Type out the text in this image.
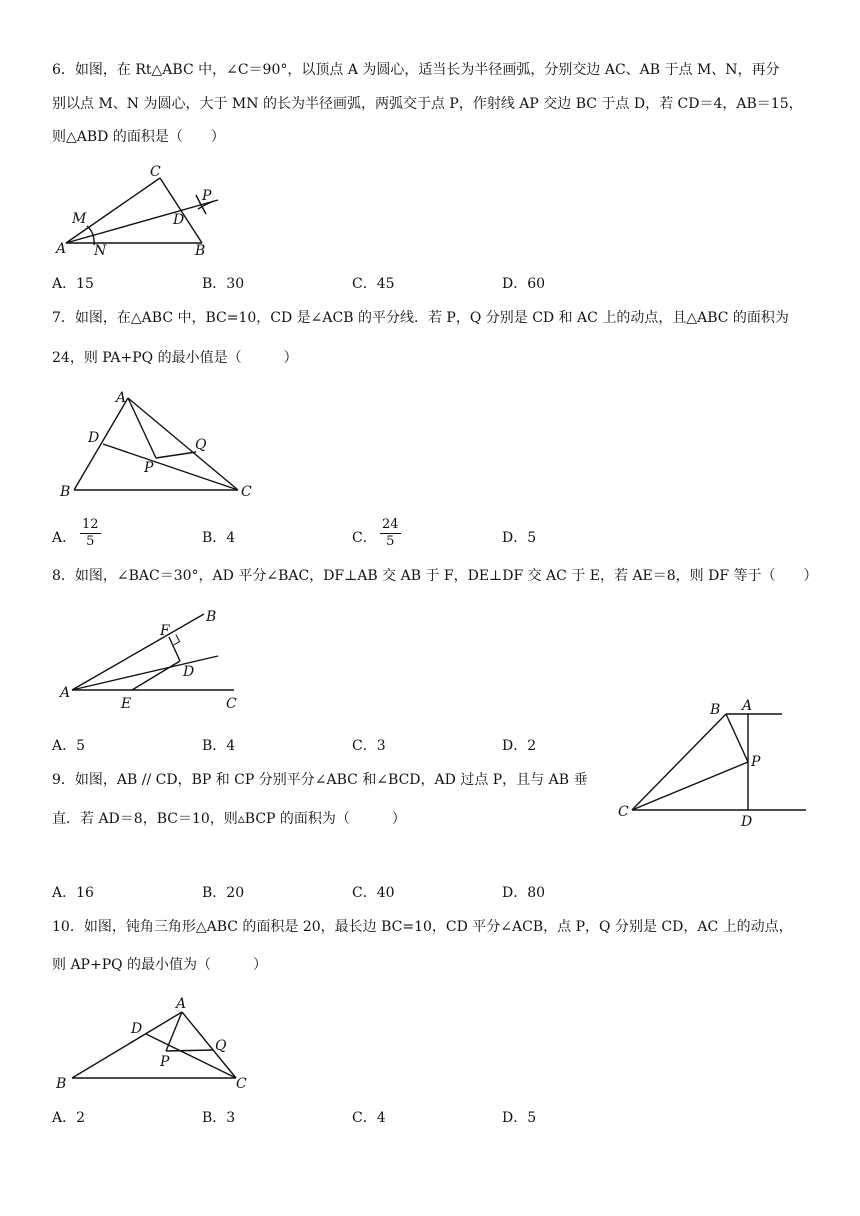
6．如图，在 Rt△ABC 中，∠C＝90°，以顶点 A 为圆心，适当长为半径画弧，分别交边 AC、AB 于点 M、N，再分
别以点 M、N 为圆心，大于 MN 的长为半径画弧，两弧交于点 P，作射线 AP 交边 BC 于点 D，若 CD＝4，AB＝15，
则△ABD 的面积是（　　）
C
P
D
M
A N	B
A．15	B．30	C．45	D．60
7．如图，在△ABC 中，BC=10，CD 是∠ACB 的平分线．若 P，Q 分别是 CD 和 AC 上的动点，且△ABC 的面积为
24，则 PA+PQ 的最小值是（　　　）
A
D	Q
P
B	C
A． $\frac{12}{5}$	B．4	C． $\frac{24}{5}$	D．5
8．如图，∠BAC＝30°，AD 平分∠BAC，DF⊥AB 交 AB 于 F，DE⊥DF 交 AC 于 E，若 AE＝8，则 DF 等于（　　）
B
F
D
A
E	C
A．5	B．4	C．3	D．2
9．如图，AB // CD，BP 和 CP 分别平分∠ABC 和∠BCD，AD 过点 P，且与 AB 垂
直．若 AD＝8，BC＝10，则▵BCP 的面积为（　　　）
B A
P
C
D
A．16	B．20	C．40	D．80
10．如图，钝角三角形△ABC 的面积是 20，最长边 BC=10，CD 平分∠ACB，点 P，Q 分别是 CD，AC 上的动点，
则 AP+PQ 的最小值为（　　　）
A
D
Q
P
B	C
A．2	B．3	C．4	D．5
